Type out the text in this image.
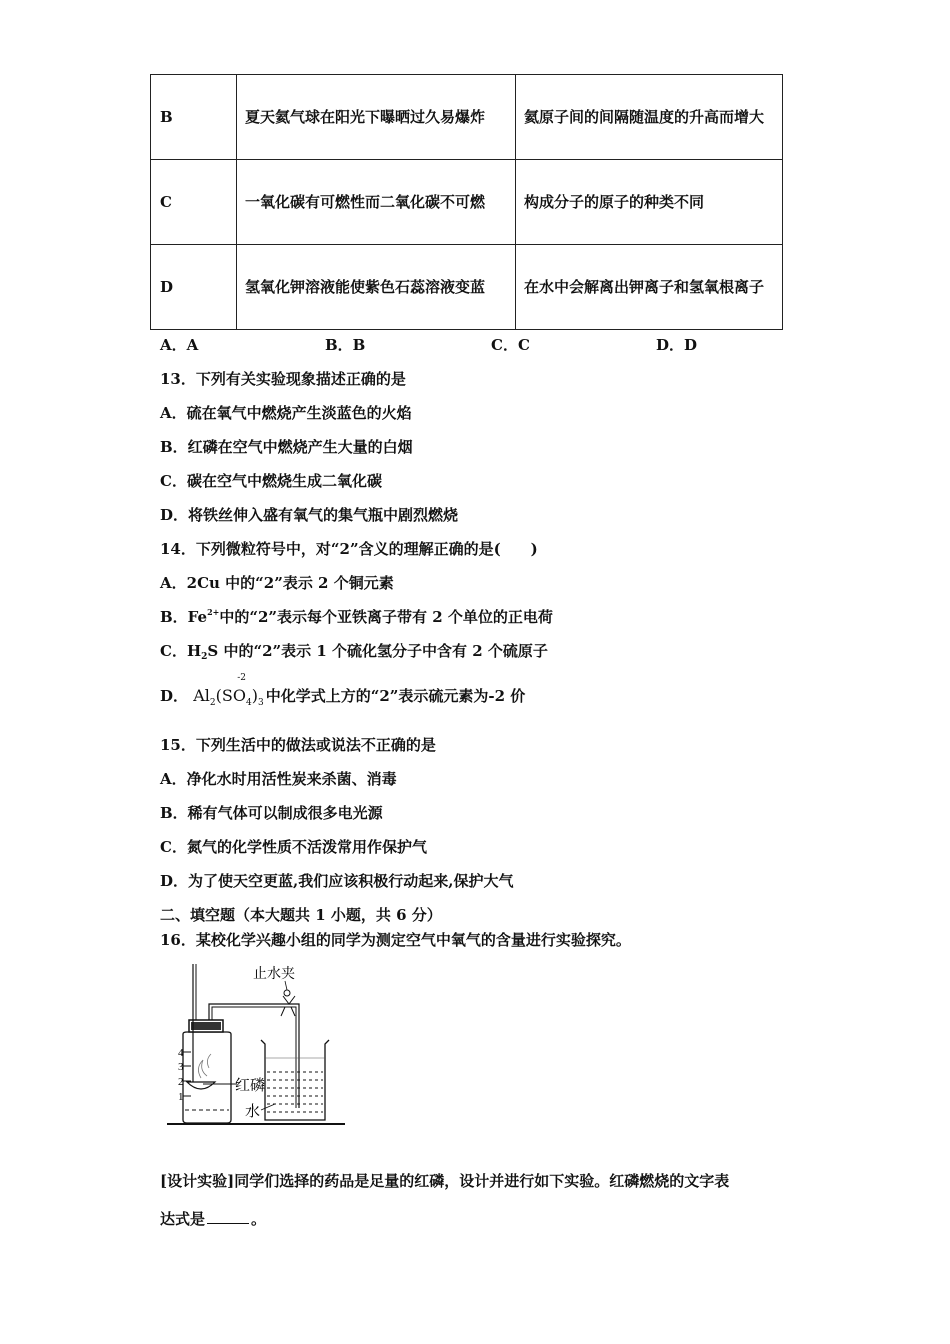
B	夏天氦气球在阳光下曝晒过久易爆炸	氦原子间的间隔随温度的升高而增大
C	一氧化碳有可燃性而二氧化碳不可燃	构成分子的原子的种类不同
D	氢氧化钾溶液能使紫色石蕊溶液变蓝	在水中会解离出钾离子和氢氧根离子
A．A	B．B	C．C	D．D
13．下列有关实验现象描述正确的是
A．硫在氧气中燃烧产生淡蓝色的火焰
B．红磷在空气中燃烧产生大量的白烟
C．碳在空气中燃烧生成二氧化碳
D．将铁丝伸入盛有氧气的集气瓶中剧烈燃烧
14．下列微粒符号中，对“2”含义的理解正确的是(　　)
A．2Cu 中的“2”表示 2 个铜元素
B．$Fe^{2+}$中的“2”表示每个亚铁离子带有 2 个单位的正电荷
C．$H_2S$ 中的“2”表示 1 个硫化氢分子中含有 2 个硫原子
D．
-2
$Al_2(SO_4)_3$ 中化学式上方的“2”表示硫元素为-2 价
15．下列生活中的做法或说法不正确的是
A．净化水时用活性炭来杀菌、消毒
B．稀有气体可以制成很多电光源
C．氮气的化学性质不活泼常用作保护气
D．为了使天空更蓝,我们应该积极行动起来,保护大气
二、填空题（本大题共 1 小题，共 6 分）
16．某校化学兴趣小组的同学为测定空气中氧气的含量进行实验探究。
4
3
2
1
止水夹
红磷
水
[设计实验]同学们选择的药品是足量的红磷，设计并进行如下实验。红磷燃烧的文字表
达式是	。
